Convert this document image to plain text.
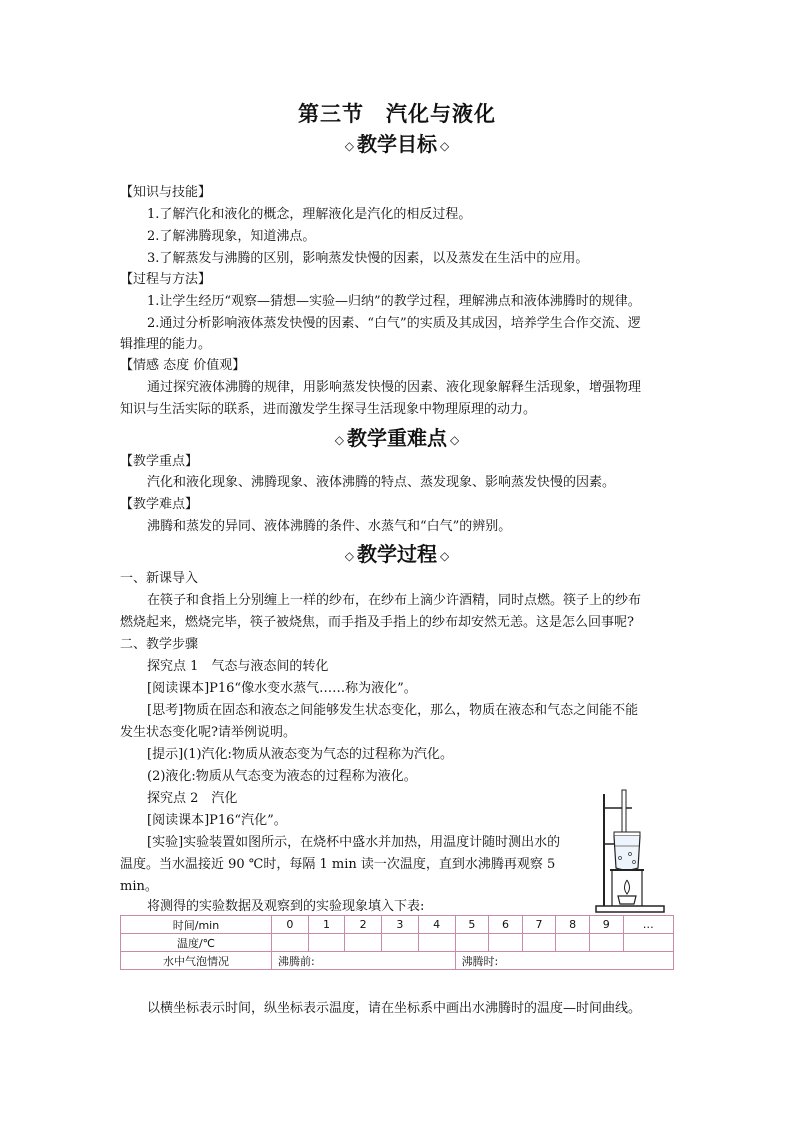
第三节 汽化与液化
◇ 教学目标 ◇
【知识与技能】
1.了解汽化和液化的概念，理解液化是汽化的相反过程。
2.了解沸腾现象，知道沸点。
3.了解蒸发与沸腾的区别，影响蒸发快慢的因素，以及蒸发在生活中的应用。
【过程与方法】
1.让学生经历“观察—猜想—实验—归纳”的教学过程，理解沸点和液体沸腾时的规律。
2.通过分析影响液体蒸发快慢的因素、“白气”的实质及其成因，培养学生合作交流、逻
辑推理的能力。
【情感 态度 价值观】
通过探究液体沸腾的规律，用影响蒸发快慢的因素、液化现象解释生活现象，增强物理
知识与生活实际的联系，进而激发学生探寻生活现象中物理原理的动力。
◇ 教学重难点 ◇
【教学重点】
汽化和液化现象、沸腾现象、液体沸腾的特点、蒸发现象、影响蒸发快慢的因素。
【教学难点】
沸腾和蒸发的异同、液体沸腾的条件、水蒸气和“白气”的辨别。
◇ 教学过程 ◇
一、新课导入
在筷子和食指上分别缠上一样的纱布，在纱布上滴少许酒精，同时点燃。筷子上的纱布
燃烧起来，燃烧完毕，筷子被烧焦，而手指及手指上的纱布却安然无恙。这是怎么回事呢?
二、教学步骤
探究点 1　气态与液态间的转化
[阅读课本]P16“像水变水蒸气……称为液化”。
[思考]物质在固态和液态之间能够发生状态变化，那么，物质在液态和气态之间能不能
发生状态变化呢?请举例说明。
[提示](1)汽化:物质从液态变为气态的过程称为汽化。
(2)液化:物质从气态变为液态的过程称为液化。
探究点 2　汽化
[阅读课本]P16“汽化”。
[实验]实验装置如图所示，在烧杯中盛水并加热，用温度计随时测出水的
温度。当水温接近 90 ℃时，每隔 1 min 读一次温度，直到水沸腾再观察 5
min。
将测得的实验数据及观察到的实验现象填入下表:
时间/min	0	1	2	3	4	5	6	7	8	9	…
温度/℃											
水中气泡情况	沸腾前:					沸腾时:					
以横坐标表示时间，纵坐标表示温度，请在坐标系中画出水沸腾时的温度—时间曲线。
